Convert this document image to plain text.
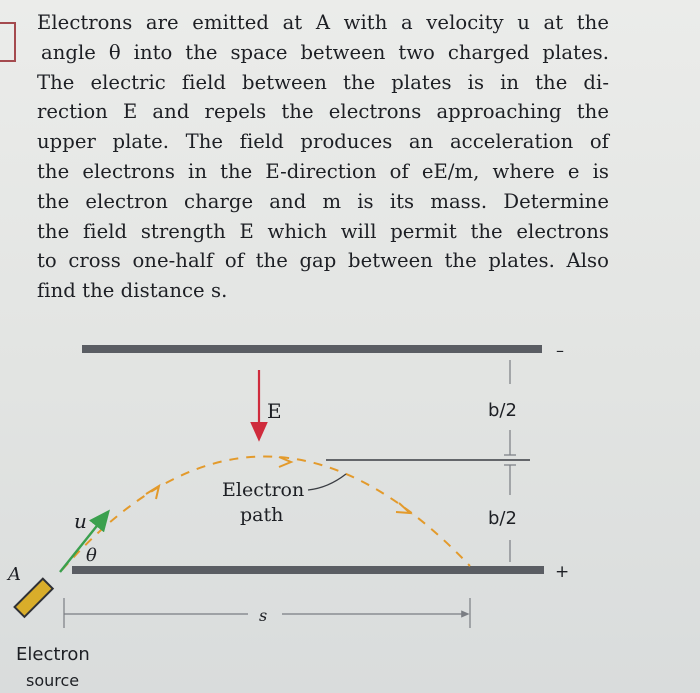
Electrons are emitted at A with a velocity u at the
angle θ into the space between two charged plates.
The electric field between the plates is in the di-
rection E and repels the electrons approaching the
upper plate. The field produces an acceleration of
the electrons in the E-direction of eE/m, where e is
the electron charge and m is its mass. Determine
the field strength E which will permit the electrons
to cross one-half of the gap between the plates. Also
find the distance s.
–
+
E	b/2
b/2
Electron
path
u
θ
A
s
Electron
source
